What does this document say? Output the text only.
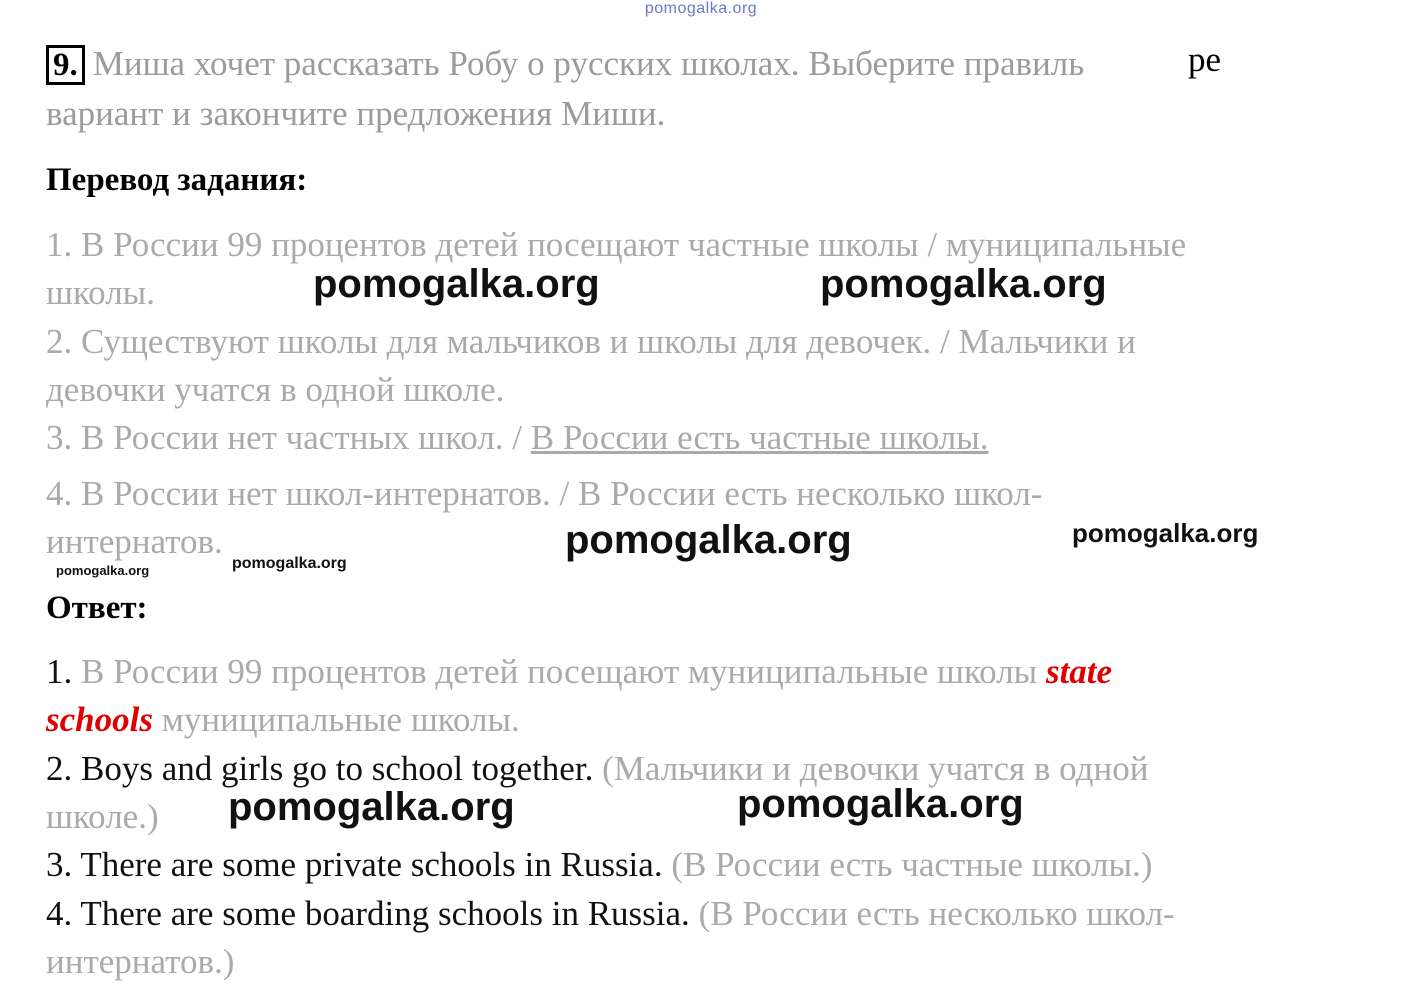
pomogalka.org
9. Миша хочет рассказать Робу о русских школах. Выберите правиль	ре
вариант и закончите предложения Миши.
Перевод задания:
1. В России 99 процентов детей посещают частные школы / муниципальные
школы.
2. Существуют школы для мальчиков и школы для девочек. / Мальчики и
девочки учатся в одной школе.
3. В России нет частных школ. / В России есть частные школы.
4. В России нет школ-интернатов. / В России есть несколько школ-
интернатов.
Ответ:
1. В России 99 процентов детей посещают муниципальные школы state
schools муниципальные школы.
2. Boys and girls go to school together. (Мальчики и девочки учатся в одной
школе.)
3. There are some private schools in Russia. (В России есть частные школы.)
4. There are some boarding schools in Russia. (В России есть несколько школ-
интернатов.)
pomogalka.org	pomogalka.org
pomogalka.org	pomogalka.org
pomogalka.org
pomogalka.org
pomogalka.org	pomogalka.org
